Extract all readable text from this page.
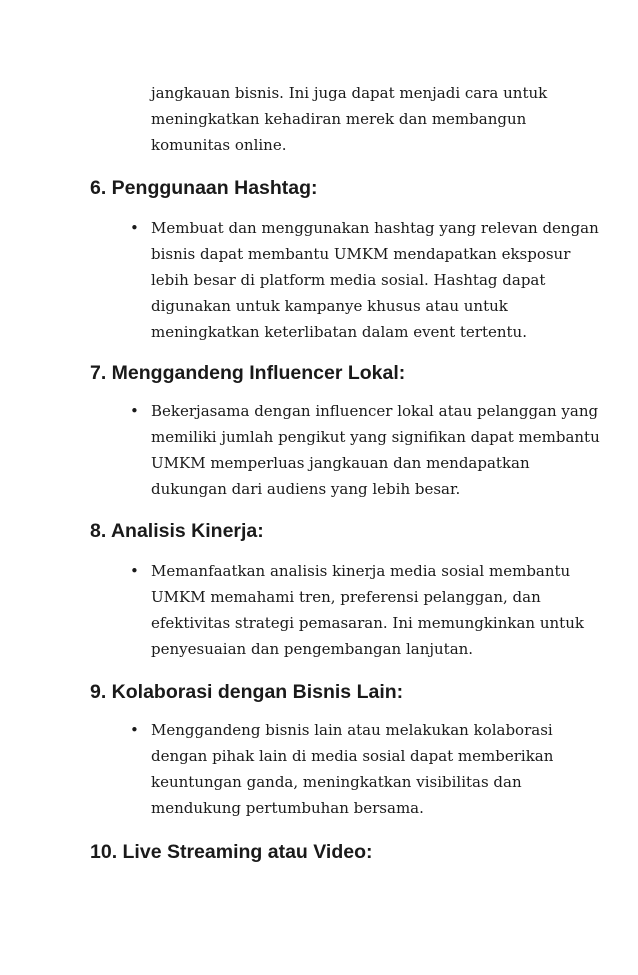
jangkauan bisnis. Ini juga dapat menjadi cara untuk
meningkatkan kehadiran merek dan membangun
komunitas online.

6. Penggunaan Hashtag:
• Membuat dan menggunakan hashtag yang relevan dengan
bisnis dapat membantu UMKM mendapatkan eksposur
lebih besar di platform media sosial. Hashtag dapat
digunakan untuk kampanye khusus atau untuk
meningkatkan keterlibatan dalam event tertentu.
7. Menggandeng Influencer Lokal:
• Bekerjasama dengan influencer lokal atau pelanggan yang
memiliki jumlah pengikut yang signifikan dapat membantu
UMKM memperluas jangkauan dan mendapatkan
dukungan dari audiens yang lebih besar.
8. Analisis Kinerja:
• Memanfaatkan analisis kinerja media sosial membantu
UMKM memahami tren, preferensi pelanggan, dan
efektivitas strategi pemasaran. Ini memungkinkan untuk
penyesuaian dan pengembangan lanjutan.
9. Kolaborasi dengan Bisnis Lain:
• Menggandeng bisnis lain atau melakukan kolaborasi
dengan pihak lain di media sosial dapat memberikan
keuntungan ganda, meningkatkan visibilitas dan
mendukung pertumbuhan bersama.
10. Live Streaming atau Video:
